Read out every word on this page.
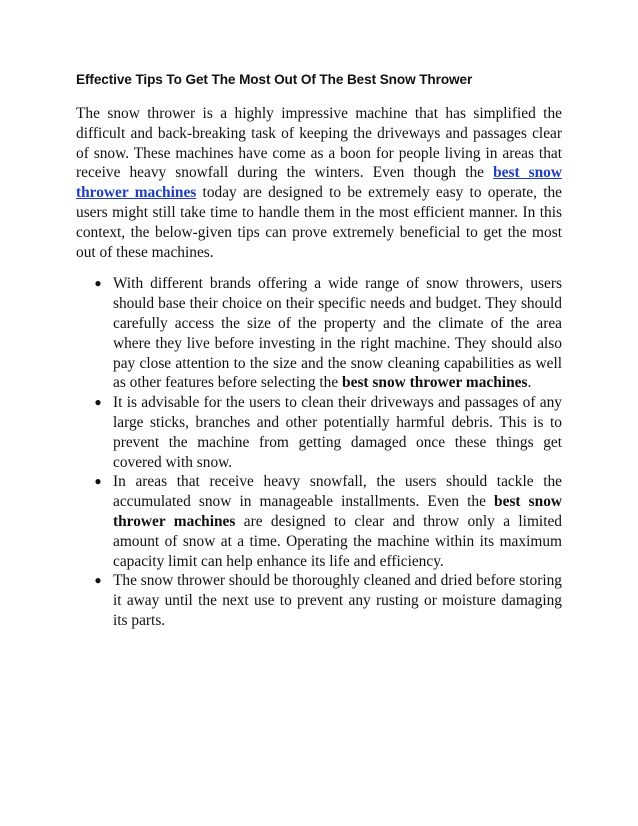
Effective Tips To Get The Most Out Of The Best Snow Thrower

The snow thrower is a highly impressive machine that has simplified the difficult and back-breaking task of keeping the driveways and passages clear of snow. These machines have come as a boon for people living in areas that receive heavy snowfall during the winters. Even though the best snow thrower machines today are designed to be extremely easy to operate, the users might still take time to handle them in the most efficient manner. In this context, the below-given tips can prove extremely beneficial to get the most out of these machines.

● With different brands offering a wide range of snow throwers, users should base their choice on their specific needs and budget. They should carefully access the size of the property and the climate of the area where they live before investing in the right machine. They should also pay close attention to the size and the snow cleaning capabilities as well as other features before selecting the best snow thrower machines.
● It is advisable for the users to clean their driveways and passages of any large sticks, branches and other potentially harmful debris. This is to prevent the machine from getting damaged once these things get covered with snow.
● In areas that receive heavy snowfall, the users should tackle the accumulated snow in manageable installments. Even the best snow thrower machines are designed to clear and throw only a limited amount of snow at a time. Operating the machine within its maximum capacity limit can help enhance its life and efficiency.
● The snow thrower should be thoroughly cleaned and dried before storing it away until the next use to prevent any rusting or moisture damaging its parts.
